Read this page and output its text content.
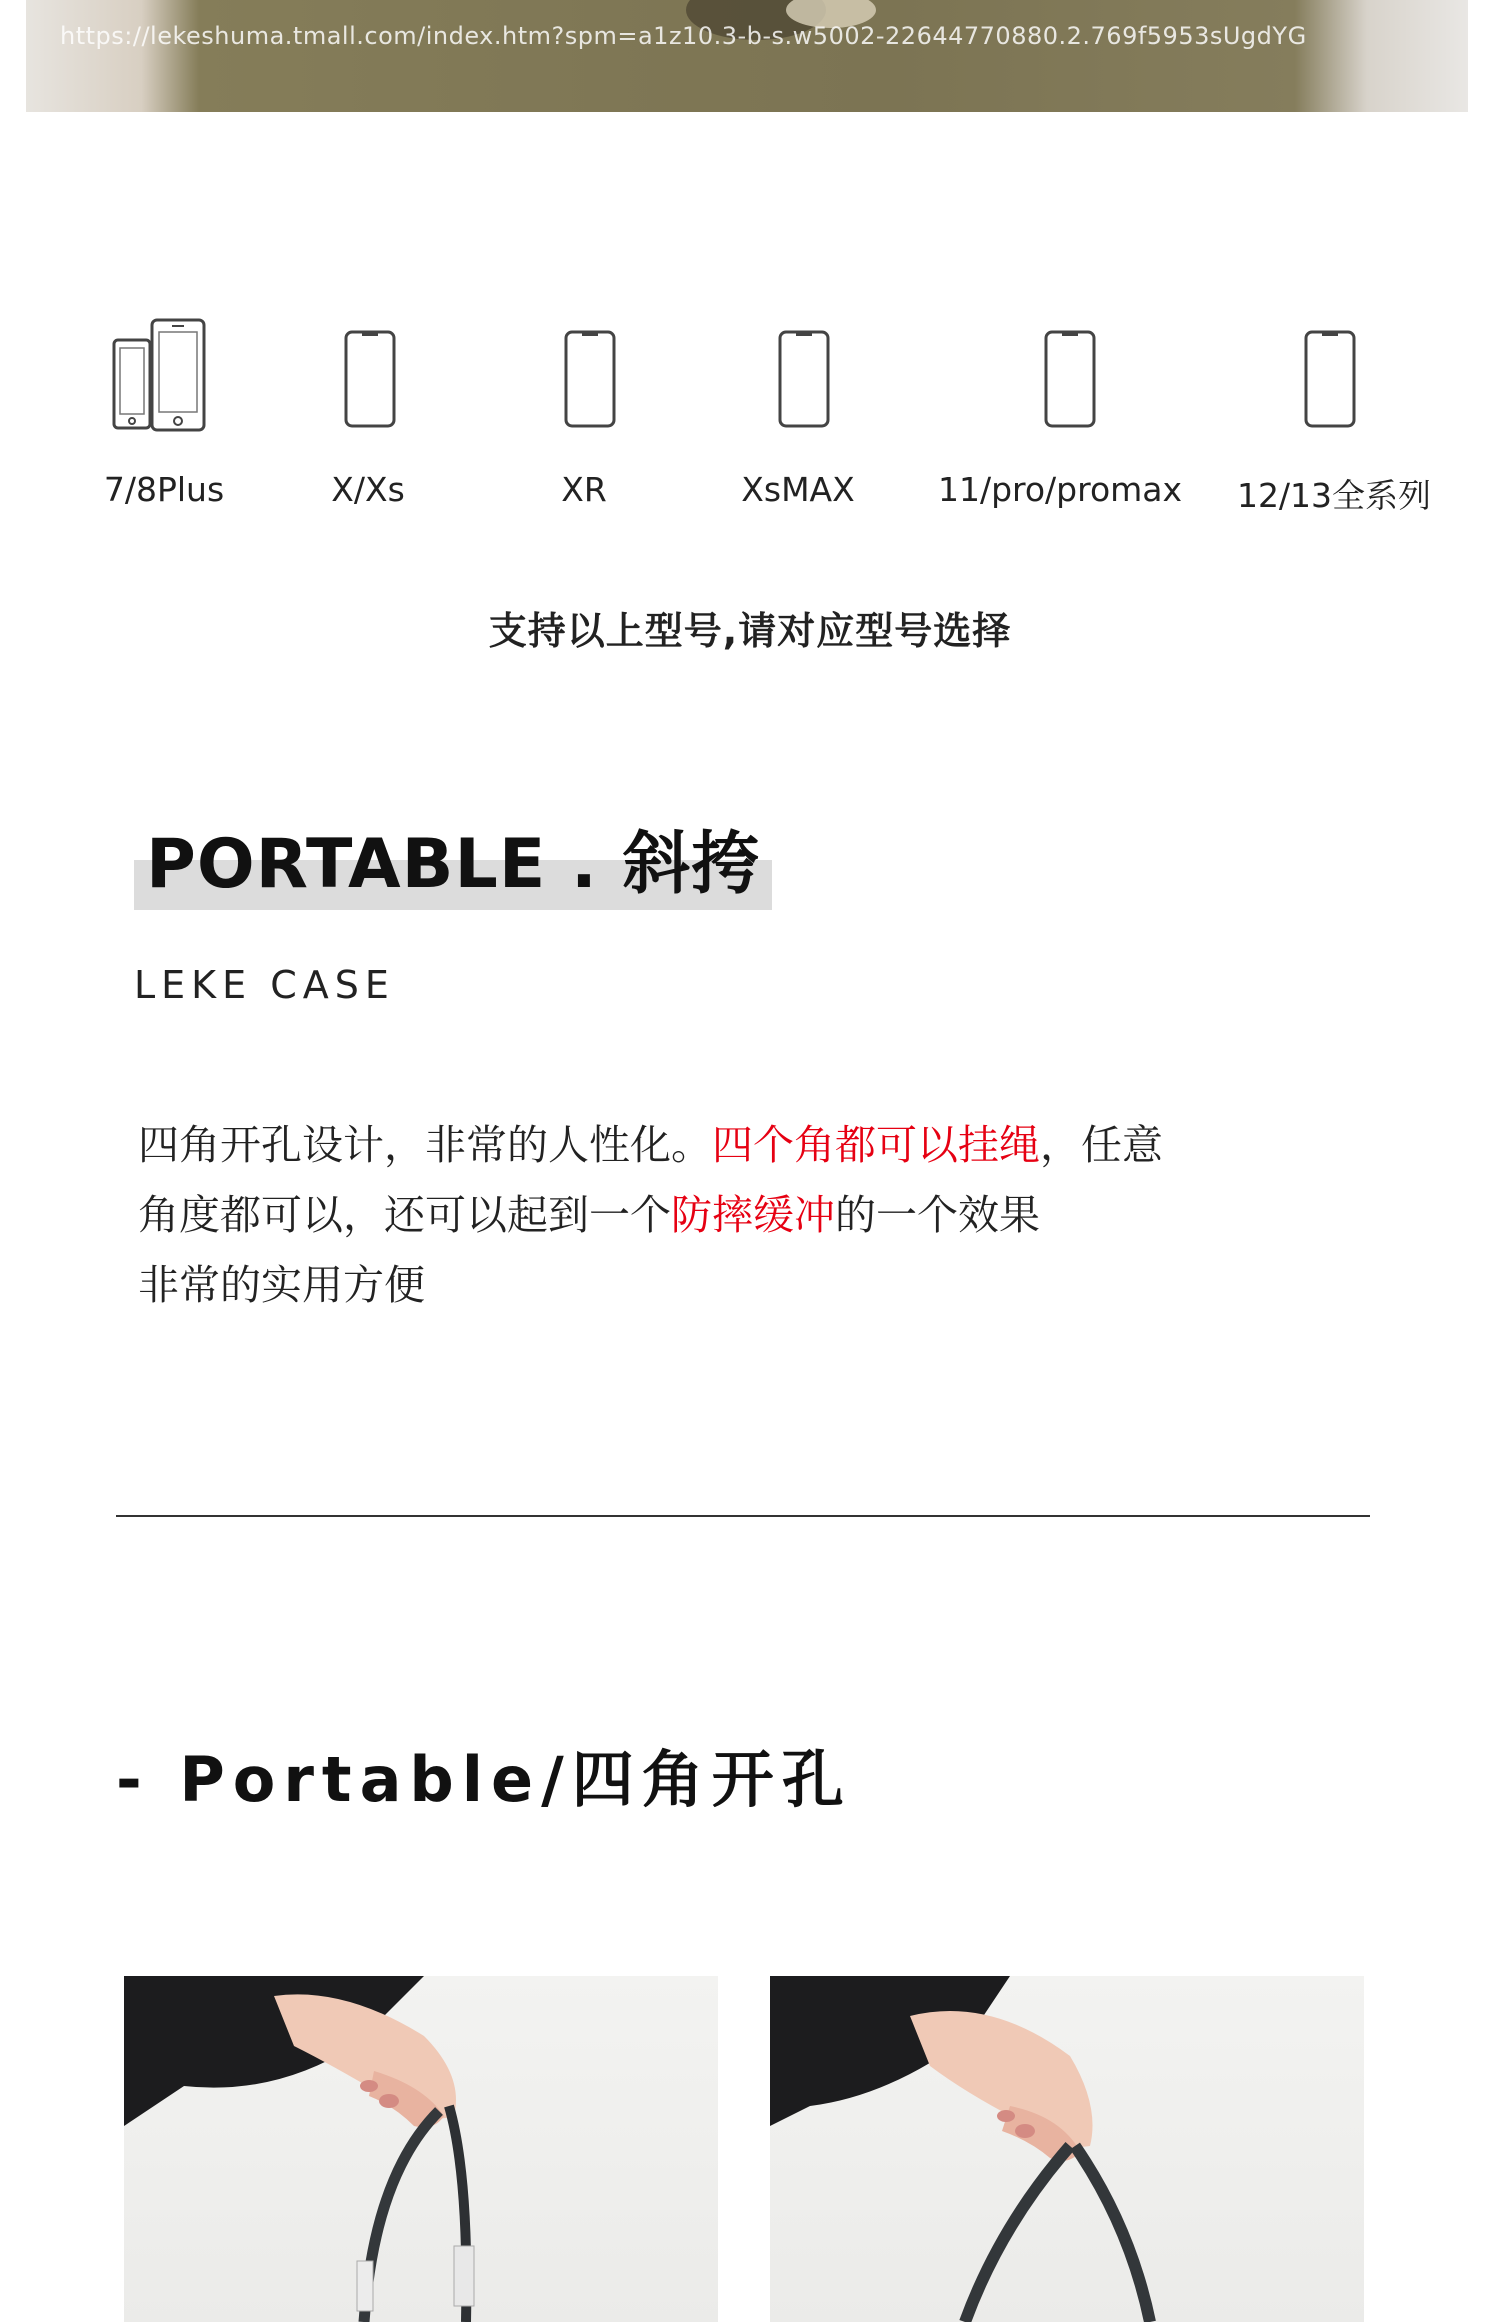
https://lekeshuma.tmall.com/index.htm?spm=a1z10.3-b-s.w5002-22644770880.2.769f5953sUgdYG
7/8Plus	X/Xs	XR	XsMAX	11/pro/promax 12/13全系列
支持以上型号,请对应型号选择
PORTABLE . 斜挎
LEKE CASE
四角开孔设计，非常的人性化。四个角都可以挂绳，任意
角度都可以，还可以起到一个防摔缓冲的一个效果
非常的实用方便
- Portable/四角开孔
